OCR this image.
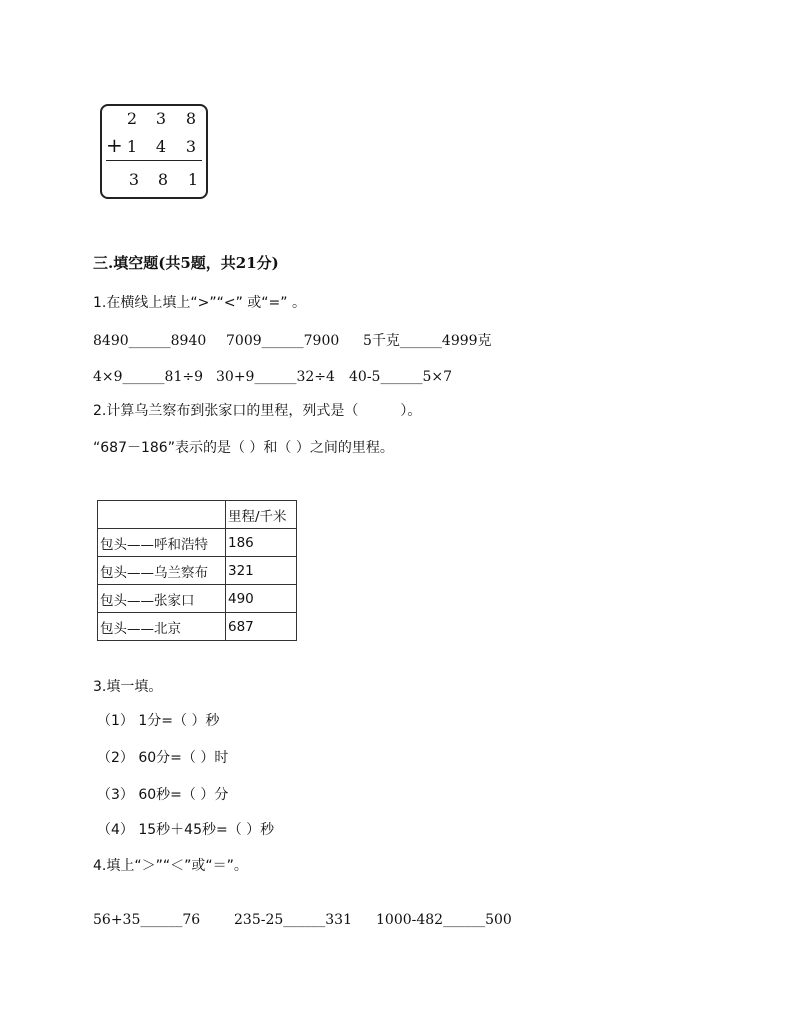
2 3 8
+ 1 4 3
3 8 1
三.填空题(共5题，共21分)
1.在横线上填上“>”“<” 或“=” 。
8490______8940 7009______7900 5千克______4999克
4×9______81÷9 30+9______32÷4 40-5______5×7
2.计算乌兰察布到张家口的里程，列式是（　　　）。
“687－186”表示的是（ ）和（ ）之间的里程。
	里程/千米
包头——呼和浩特	186
包头——乌兰察布	321
包头——张家口	490
包头——北京	687
3.填一填。
（1） 1分=（ ）秒
（2） 60分=（ ）时
（3） 60秒=（ ）分
（4） 15秒＋45秒=（ ）秒
4.填上“＞”“＜”或“＝”。
56+35______76 235-25______331 1000-482______500
